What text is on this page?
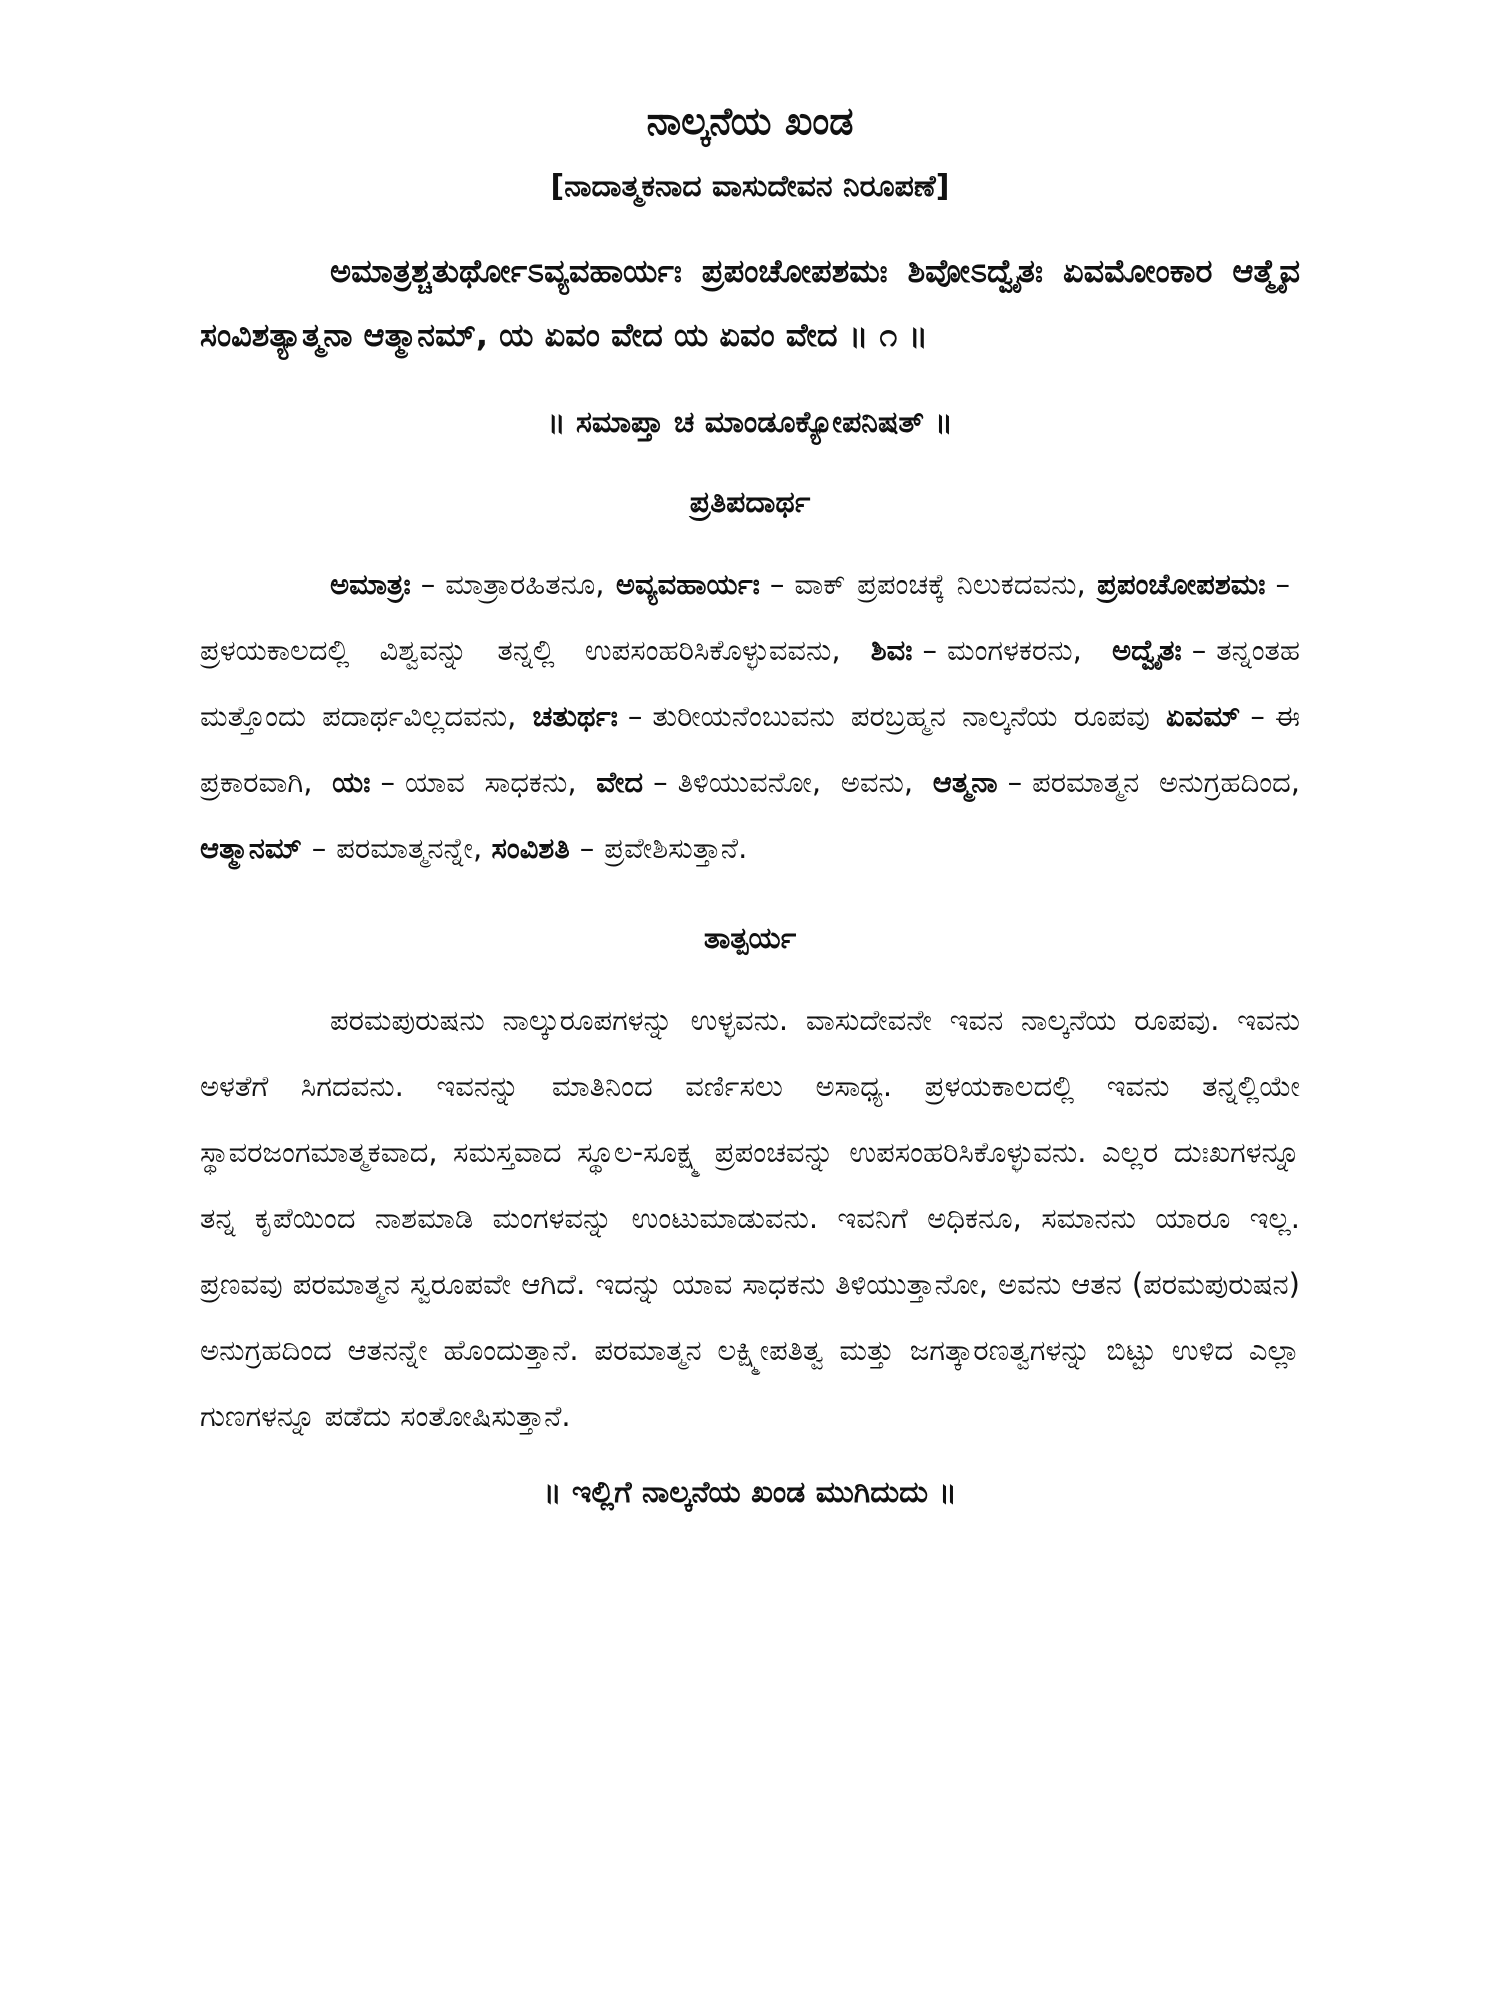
ನಾಲ್ಕನೆಯ ಖಂಡ

[ನಾದಾತ್ಮಕನಾದ ವಾಸುದೇವನ ನಿರೂಪಣೆ]

ಅಮಾತ್ರಶ್ಚತುರ್ಥೋಽವ್ಯವಹಾರ್ಯಃ ಪ್ರಪಂಚೋಪಶಮಃ ಶಿವೋಽದ್ವೈತಃ ಏವಮೋಂಕಾರ ಆತ್ಮೈವ ಸಂವಿಶತ್ಯಾತ್ಮನಾ ಆತ್ಮಾನಮ್, ಯ ಏವಂ ವೇದ ಯ ಏವಂ ವೇದ ॥ ೧ ॥

॥ ಸಮಾಪ್ತಾ ಚ ಮಾಂಡೂಕ್ಯೋಪನಿಷತ್ ॥
ಪ್ರತಿಪದಾರ್ಥ

ಅಮಾತ್ರಃ – ಮಾತ್ರಾರಹಿತನೂ, ಅವ್ಯವಹಾರ್ಯಃ – ವಾಕ್ ಪ್ರಪಂಚಕ್ಕೆ ನಿಲುಕದವನು, ಪ್ರಪಂಚೋಪಶಮಃ –ಪ್ರಳಯಕಾಲದಲ್ಲಿ ವಿಶ್ವವನ್ನು ತನ್ನಲ್ಲಿ ಉಪಸಂಹರಿಸಿಕೊಳ್ಳುವವನು, ಶಿವಃ – ಮಂಗಳಕರನು, ಅದ್ವೈತಃ – ತನ್ನಂತಹ ಮತ್ತೊಂದು ಪದಾರ್ಥವಿಲ್ಲದವನು, ಚತುರ್ಥಃ – ತುರೀಯನೆಂಬುವನು ಪರಬ್ರಹ್ಮನ ನಾಲ್ಕನೆಯ ರೂಪವು ಏವಮ್ – ಈ ಪ್ರಕಾರವಾಗಿ, ಯಃ – ಯಾವ ಸಾಧಕನು, ವೇದ – ತಿಳಿಯುವನೋ, ಅವನು, ಆತ್ಮನಾ – ಪರಮಾತ್ಮನ ಅನುಗ್ರಹದಿಂದ, ಆತ್ಮಾನಮ್ – ಪರಮಾತ್ಮನನ್ನೇ, ಸಂವಿಶತಿ – ಪ್ರವೇಶಿಸುತ್ತಾನೆ.

ತಾತ್ಪರ್ಯ

ಪರಮಪುರುಷನು ನಾಲ್ಕುರೂಪಗಳನ್ನು ಉಳ್ಳವನು. ವಾಸುದೇವನೇ ಇವನ ನಾಲ್ಕನೆಯ ರೂಪವು. ಇವನು ಅಳತೆಗೆ ಸಿಗದವನು. ಇವನನ್ನು ಮಾತಿನಿಂದ ವರ್ಣಿಸಲು ಅಸಾಧ್ಯ. ಪ್ರಳಯಕಾಲದಲ್ಲಿ ಇವನು ತನ್ನಲ್ಲಿಯೇ ಸ್ಥಾವರಜಂಗಮಾತ್ಮಕವಾದ, ಸಮಸ್ತವಾದ ಸ್ಥೂಲ-ಸೂಕ್ಷ್ಮ ಪ್ರಪಂಚವನ್ನು ಉಪಸಂಹರಿಸಿಕೊಳ್ಳುವನು. ಎಲ್ಲರ ದುಃಖಗಳನ್ನೂ ತನ್ನ ಕೃಪೆಯಿಂದ ನಾಶಮಾಡಿ ಮಂಗಳವನ್ನು ಉಂಟುಮಾಡುವನು. ಇವನಿಗೆ ಅಧಿಕನೂ, ಸಮಾನನು ಯಾರೂ ಇಲ್ಲ. ಪ್ರಣವವು ಪರಮಾತ್ಮನ ಸ್ವರೂಪವೇ ಆಗಿದೆ. ಇದನ್ನು ಯಾವ ಸಾಧಕನು ತಿಳಿಯುತ್ತಾನೋ, ಅವನು ಆತನ (ಪರಮಪುರುಷನ) ಅನುಗ್ರಹದಿಂದ ಆತನನ್ನೇ ಹೊಂದುತ್ತಾನೆ. ಪರಮಾತ್ಮನ ಲಕ್ಷ್ಮೀಪತಿತ್ವ ಮತ್ತು ಜಗತ್ಕಾರಣತ್ವಗಳನ್ನು ಬಿಟ್ಟು ಉಳಿದ ಎಲ್ಲಾ ಗುಣಗಳನ್ನೂ ಪಡೆದು ಸಂತೋಷಿಸುತ್ತಾನೆ.

॥ ಇಲ್ಲಿಗೆ ನಾಲ್ಕನೆಯ ಖಂಡ ಮುಗಿದುದು ॥
